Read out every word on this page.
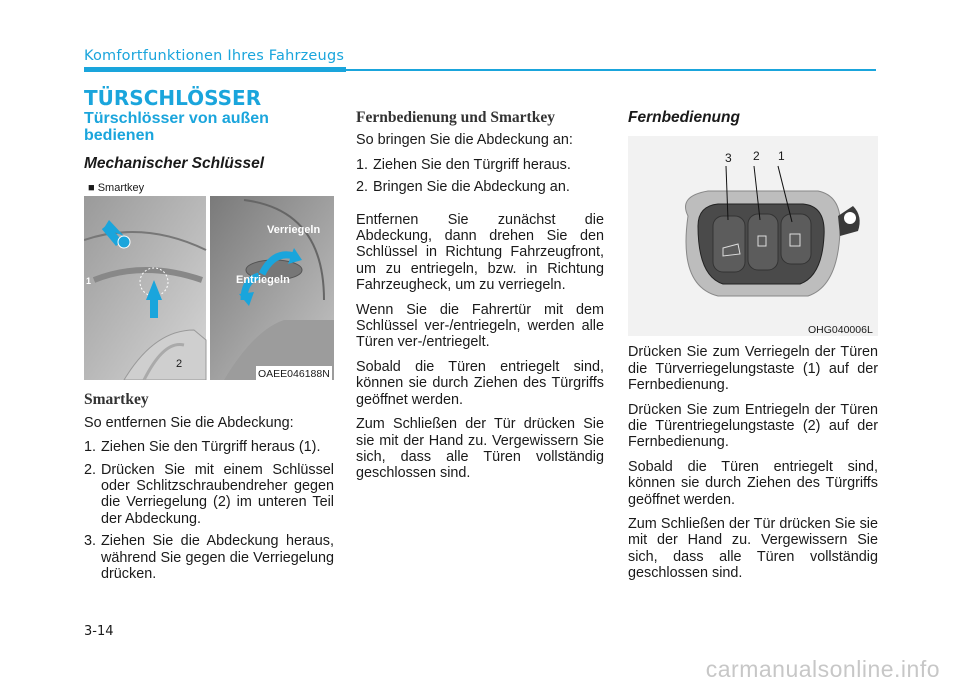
Komfortfunktionen Ihres Fahrzeugs
TÜRSCHLÖSSER
Türschlösser von außen bedienen
Mechanischer Schlüssel
■ Smartkey
1
2
Verriegeln
Entriegeln
OAEE046188N
Smartkey

So entfernen Sie die Abdeckung:

1. Ziehen Sie den Türgriff heraus (1).
2. Drücken Sie mit einem Schlüssel oder Schlitzschraubendreher gegen die Verriegelung (2) im unteren Teil der Abdeckung.
3. Ziehen Sie die Abdeckung heraus, während Sie gegen die Verriegelung drücken.
Fernbedienung und Smartkey

So bringen Sie die Abdeckung an:

1. Ziehen Sie den Türgriff heraus.
2. Bringen Sie die Abdeckung an.

Entfernen Sie zunächst die Abdeckung, dann drehen Sie den Schlüssel in Richtung Fahrzeugfront, um zu entriegeln, bzw. in Richtung Fahrzeugheck, um zu verriegeln.

Wenn Sie die Fahrertür mit dem Schlüssel ver-/entriegeln, werden alle Türen ver-/entriegelt.

Sobald die Türen entriegelt sind, können sie durch Ziehen des Türgriffs geöffnet werden.

Zum Schließen der Tür drücken Sie sie mit der Hand zu. Vergewissern Sie sich, dass alle Türen vollständig geschlossen sind.

Fernbedienung
3 2 1
OHG040006L

Drücken Sie zum Verriegeln der Türen die Türverriegelungstaste (1) auf der Fernbedienung.

Drücken Sie zum Entriegeln der Türen die Türentriegelungstaste (2) auf der Fernbedienung.

Sobald die Türen entriegelt sind, können sie durch Ziehen des Türgriffs geöffnet werden.

Zum Schließen der Tür drücken Sie sie mit der Hand zu. Vergewissern Sie sich, dass alle Türen vollständig geschlossen sind.

3-14
carmanualsonline.info
